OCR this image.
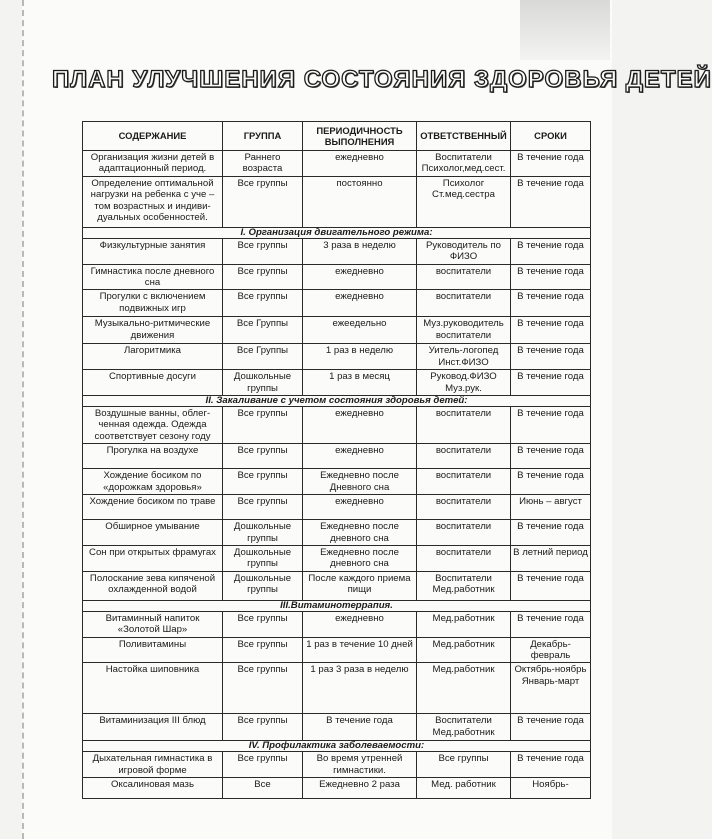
ПЛАН УЛУЧШЕНИЯ СОСТОЯНИЯ ЗДОРОВЬЯ ДЕТЕЙ
СОДЕРЖАНИЕ	ГРУППА	ПЕРИОДИЧНОСТЬ ВЫПОЛНЕНИЯ	ОТВЕТСТВЕННЫЙ	СРОКИ
Организация жизни детей в адаптационный период.	Раннего возраста	ежедневно	Воспитатели Психолог,мед.сест.	В течение года
Определение оптимальной нагрузки на ребенка с уче – том возрастных и индиви-дуальных особенностей.	Все группы	постоянно	Психолог Ст.мед.сестра	В течение года
I. Организация двигательного режима:				
Физкультурные занятия	Все группы	3 раза в неделю	Руководитель по ФИЗО	В течение года
Гимнастика после дневного сна	Все группы	ежедневно	воспитатели	В течение года
Прогулки с включением подвижных игр	Все группы	ежедневно	воспитатели	В течение года
Музыкально-ритмические движения	Все Группы	ежеедельно	Муз.руководитель воспитатели	В течение года
Лагоритмика	Все Группы	1 раз в неделю	Уитель-логопед Инст.ФИЗО	В течение года
Спортивные досуги	Дошкольные группы	1 раз в месяц	Руковод.ФИЗО Муз.рук.	В течение года
II. Закаливание с учетом состояния здоровья детей:				
Воздушные ванны, облег-ченная одежда. Одежда соответствует сезону году	Все группы	ежедневно	воспитатели	В течение года
Прогулка на воздухе	Все группы	ежедневно	воспитатели	В течение года
Хождение босиком по «дорожкам здоровья»	Все группы	Ежедневно после Дневного сна	воспитатели	В течение года
Хождение босиком по траве	Все группы	ежедневно	воспитатели	Июнь – август
Обширное умывание	Дошкольные группы	Ежедневно после дневного сна	воспитатели	В течение года
Сон при открытых фрамугах	Дошкольные группы	Ежедневно после дневного сна	воспитатели	В летний период
Полоскание зева кипяченой охлажденной водой	Дошкольные группы	После каждого приема пищи	Воспитатели Мед.работник	В течение года
III.Витаминотеррапия.				
Витаминный напиток «Золотой Шар»	Все группы	ежедневно	Мед.работник	В течение года
Поливитамины	Все группы	1 раз в течение 10 дней	Мед.работник	Декабрь-февраль
Настойка шиповника	Все группы	1 раз 3 раза в неделю	Мед.работник	Октябрь-ноябрь Январь-март
Витаминизация III блюд	Все группы	В течение года	Воспитатели Мед.работник	В течение года
IV. Профилактика заболеваемости:				
Дыхательная гимнастика в игровой форме	Все группы	Во время утренней гимнастики.	Все группы	В течение года
Оксалиновая мазь	Все	Ежедневно 2 раза	Мед. работник	Ноябрь-
